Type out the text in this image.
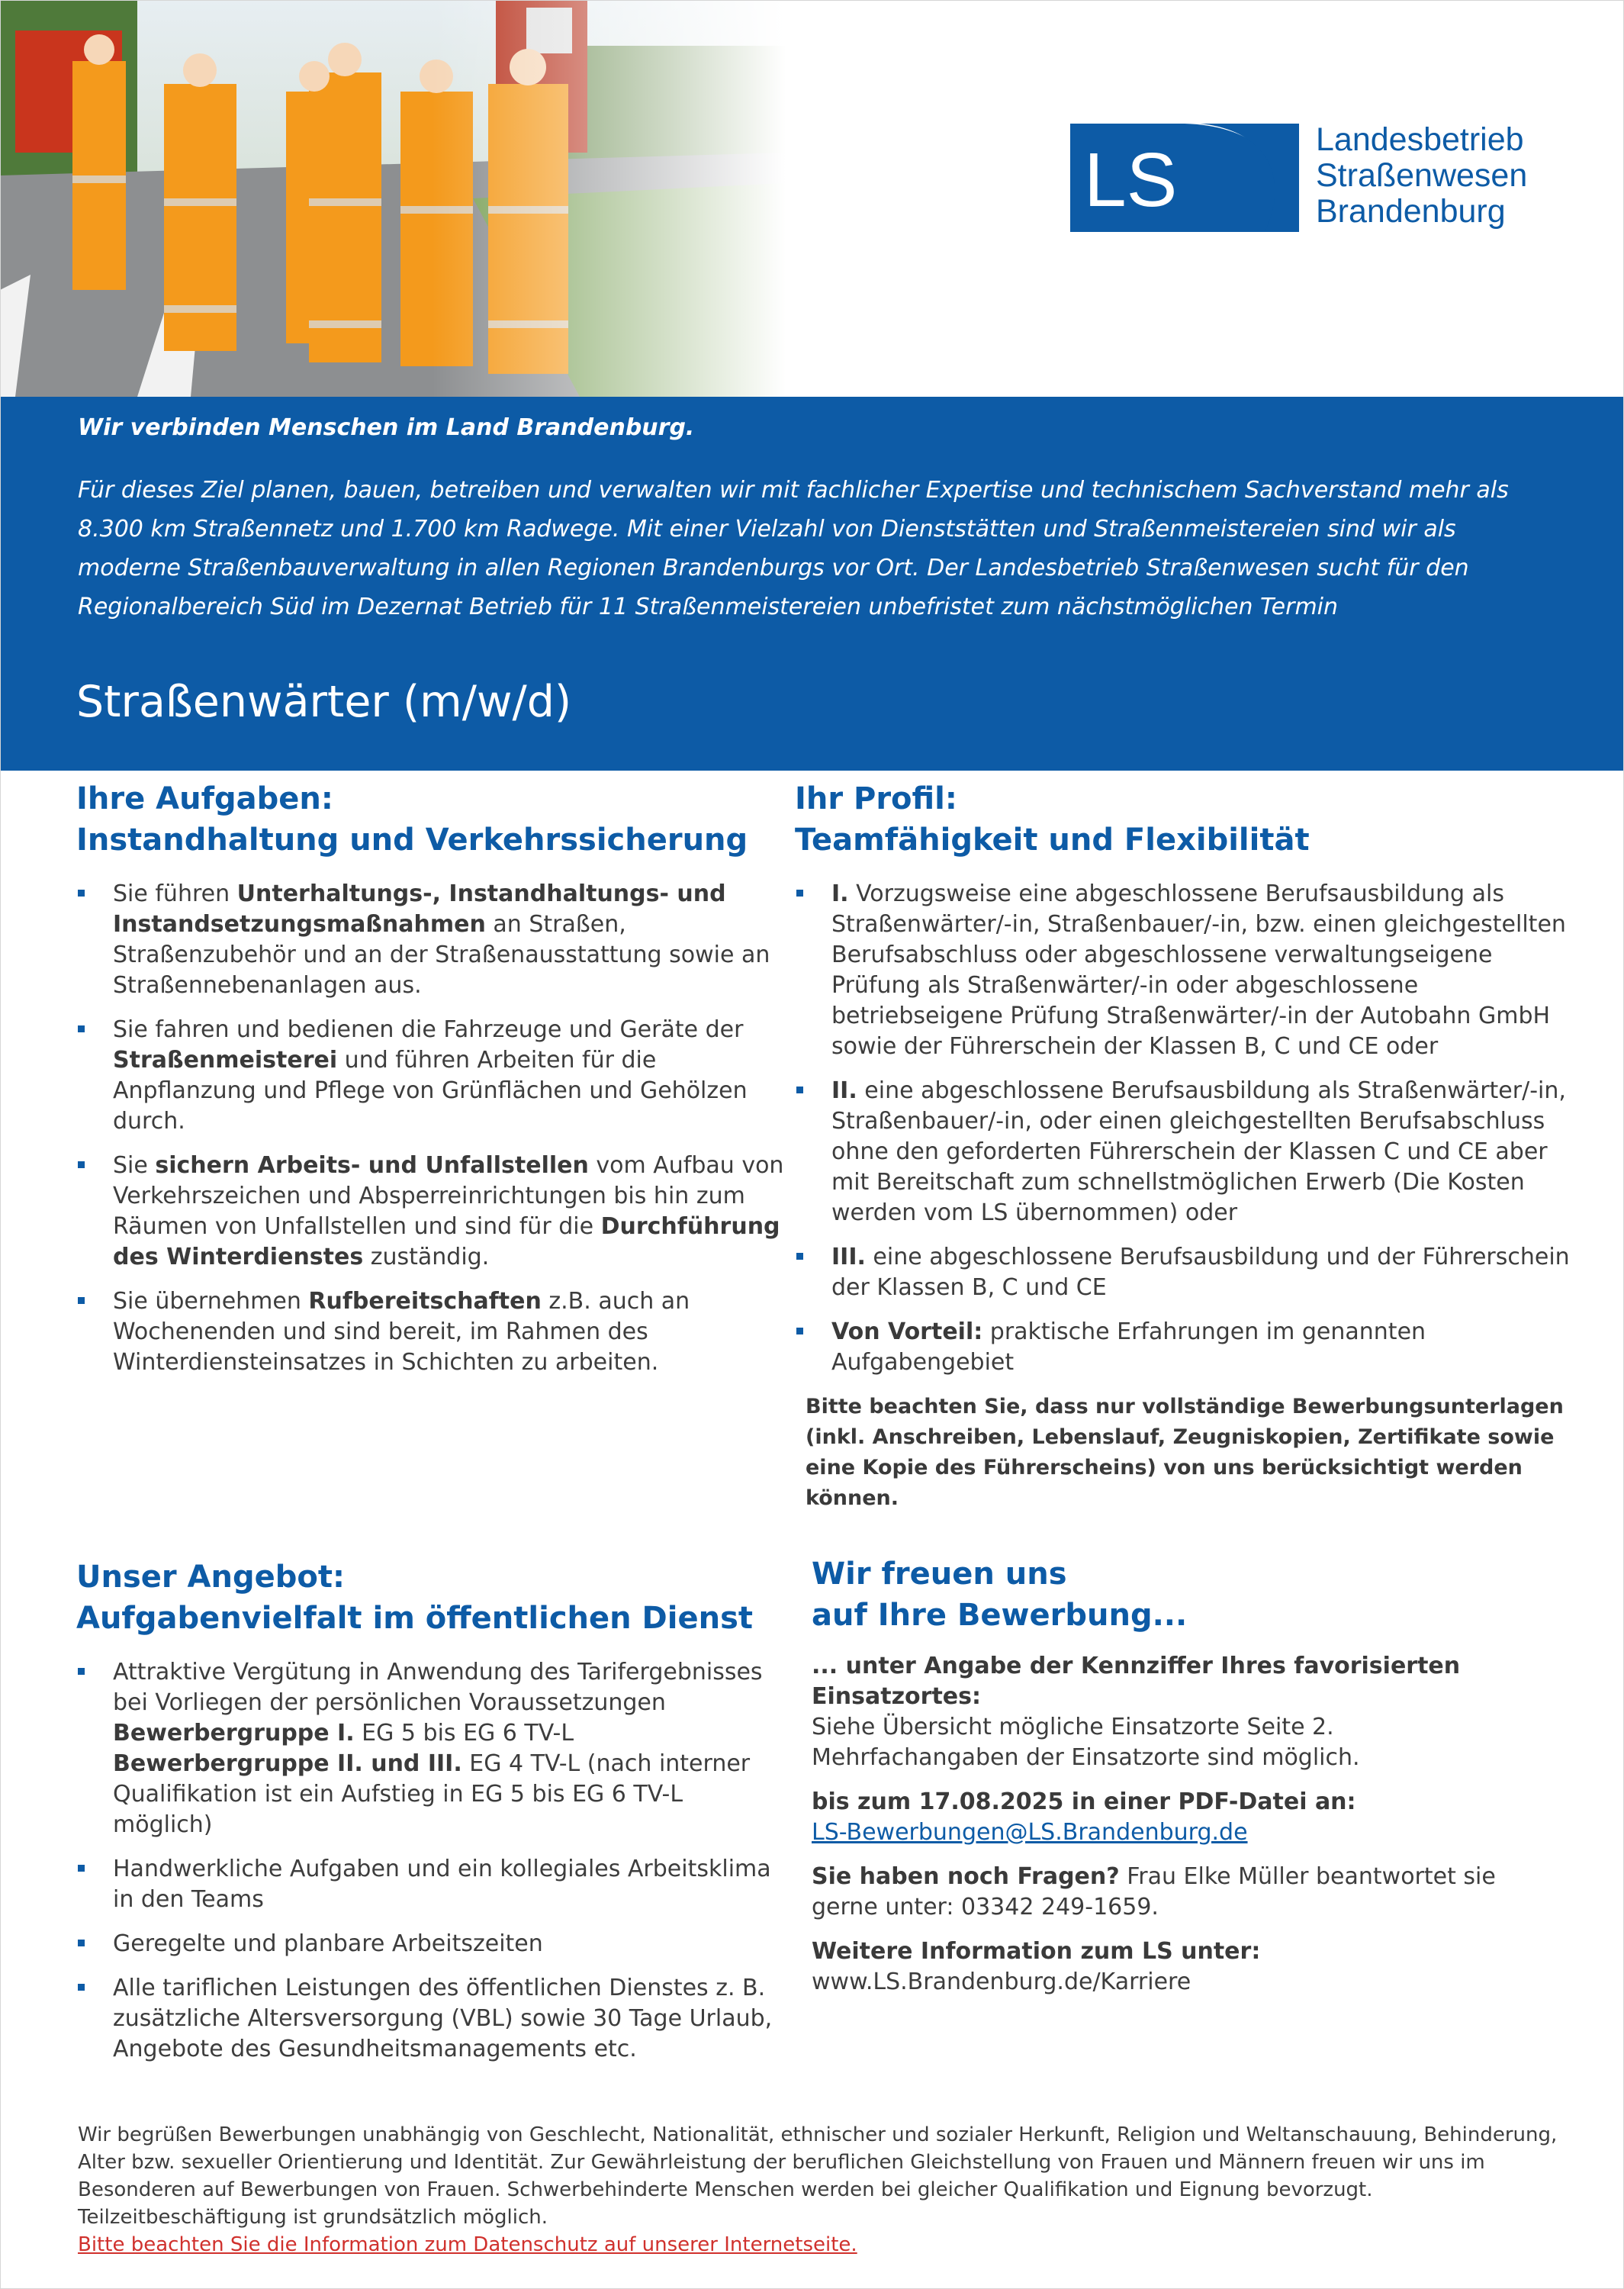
LS	Landesbetrieb
Straßenwesen
Brandenburg
Wir verbinden Menschen im Land Brandenburg.
Für dieses Ziel planen, bauen, betreiben und verwalten wir mit fachlicher Expertise und technischem Sachverstand mehr als 8.300 km Straßennetz und 1.700 km Radwege. Mit einer Vielzahl von Dienststätten und Straßenmeistereien sind wir als moderne Straßenbauverwaltung in allen Regionen Brandenburgs vor Ort. Der Landesbetrieb Straßenwesen sucht für den Regionalbereich Süd im Dezernat Betrieb für 11 Straßenmeistereien unbefristet zum nächstmöglichen Termin
Straßenwärter (m/w/d)
Ihre Aufgaben:
Instandhaltung und Verkehrssicherung
Sie führen Unterhaltungs-, Instandhaltungs- und Instandsetzungsmaßnahmen an Straßen, Straßenzubehör und an der Straßenausstattung sowie an Straßennebenanlagen aus.
Sie fahren und bedienen die Fahrzeuge und Geräte der Straßenmeisterei und führen Arbeiten für die Anpflanzung und Pflege von Grünflächen und Gehölzen durch.
Sie sichern Arbeits- und Unfallstellen vom Aufbau von Verkehrszeichen und Absperreinrichtungen bis hin zum Räumen von Unfallstellen und sind für die Durchführung des Winterdienstes zuständig.
Sie übernehmen Rufbereitschaften z.B. auch an Wochenenden und sind bereit, im Rahmen des Winterdiensteinsatzes in Schichten zu arbeiten.
Ihr Profil:
Teamfähigkeit und Flexibilität
I. Vorzugsweise eine abgeschlossene Berufsausbildung als Straßenwärter/-in, Straßenbauer/-in, bzw. einen gleichgestellten Berufsabschluss oder abgeschlossene verwaltungseigene Prüfung als Straßenwärter/-in oder abgeschlossene betriebseigene Prüfung Straßenwärter/-in der Autobahn GmbH sowie der Führerschein der Klassen B, C und CE oder
II. eine abgeschlossene Berufsausbildung als Straßenwärter/-in, Straßenbauer/-in, oder einen gleichgestellten Berufsabschluss ohne den geforderten Führerschein der Klassen C und CE aber mit Bereitschaft zum schnellstmöglichen Erwerb (Die Kosten werden vom LS übernommen) oder
III. eine abgeschlossene Berufsausbildung und der Führerschein der Klassen B, C und CE
Von Vorteil: praktische Erfahrungen im genannten Aufgabengebiet
Bitte beachten Sie, dass nur vollständige Bewerbungsunterlagen (inkl. Anschreiben, Lebenslauf, Zeugniskopien, Zertifikate sowie eine Kopie des Führerscheins) von uns berücksichtigt werden können.
Unser Angebot:
Aufgabenvielfalt im öffentlichen Dienst
Attraktive Vergütung in Anwendung des Tarifergebnisses bei Vorliegen der persönlichen Voraussetzungen
Bewerbergruppe I. EG 5 bis EG 6 TV-L
Bewerbergruppe II. und III. EG 4 TV-L (nach interner Qualifikation ist ein Aufstieg in EG 5 bis EG 6 TV-L möglich)
Handwerkliche Aufgaben und ein kollegiales Arbeitsklima in den Teams
Geregelte und planbare Arbeitszeiten
Alle tariflichen Leistungen des öffentlichen Dienstes z. B. zusätzliche Altersversorgung (VBL) sowie 30 Tage Urlaub, Angebote des Gesundheitsmanagements etc.
Wir freuen uns
auf Ihre Bewerbung...

... unter Angabe der Kennziffer Ihres favorisierten Einsatzortes:
Siehe Übersicht mögliche Einsatzorte Seite 2.
Mehrfachangaben der Einsatzorte sind möglich.

bis zum 17.08.2025 in einer PDF-Datei an:
LS-Bewerbungen@LS.Brandenburg.de

Sie haben noch Fragen? Frau Elke Müller beantwortet sie gerne unter: 03342 249-1659.

Weitere Information zum LS unter:
www.LS.Brandenburg.de/Karriere

Wir begrüßen Bewerbungen unabhängig von Geschlecht, Nationalität, ethnischer und sozialer Herkunft, Religion und Weltanschauung, Behinderung, Alter bzw. sexueller Orientierung und Identität. Zur Gewährleistung der beruflichen Gleichstellung von Frauen und Männern freuen wir uns im Besonderen auf Bewerbungen von Frauen. Schwerbehinderte Menschen werden bei gleicher Qualifikation und Eignung bevorzugt. Teilzeitbeschäftigung ist grundsätzlich möglich.
Bitte beachten Sie die Information zum Datenschutz auf unserer Internetseite.
